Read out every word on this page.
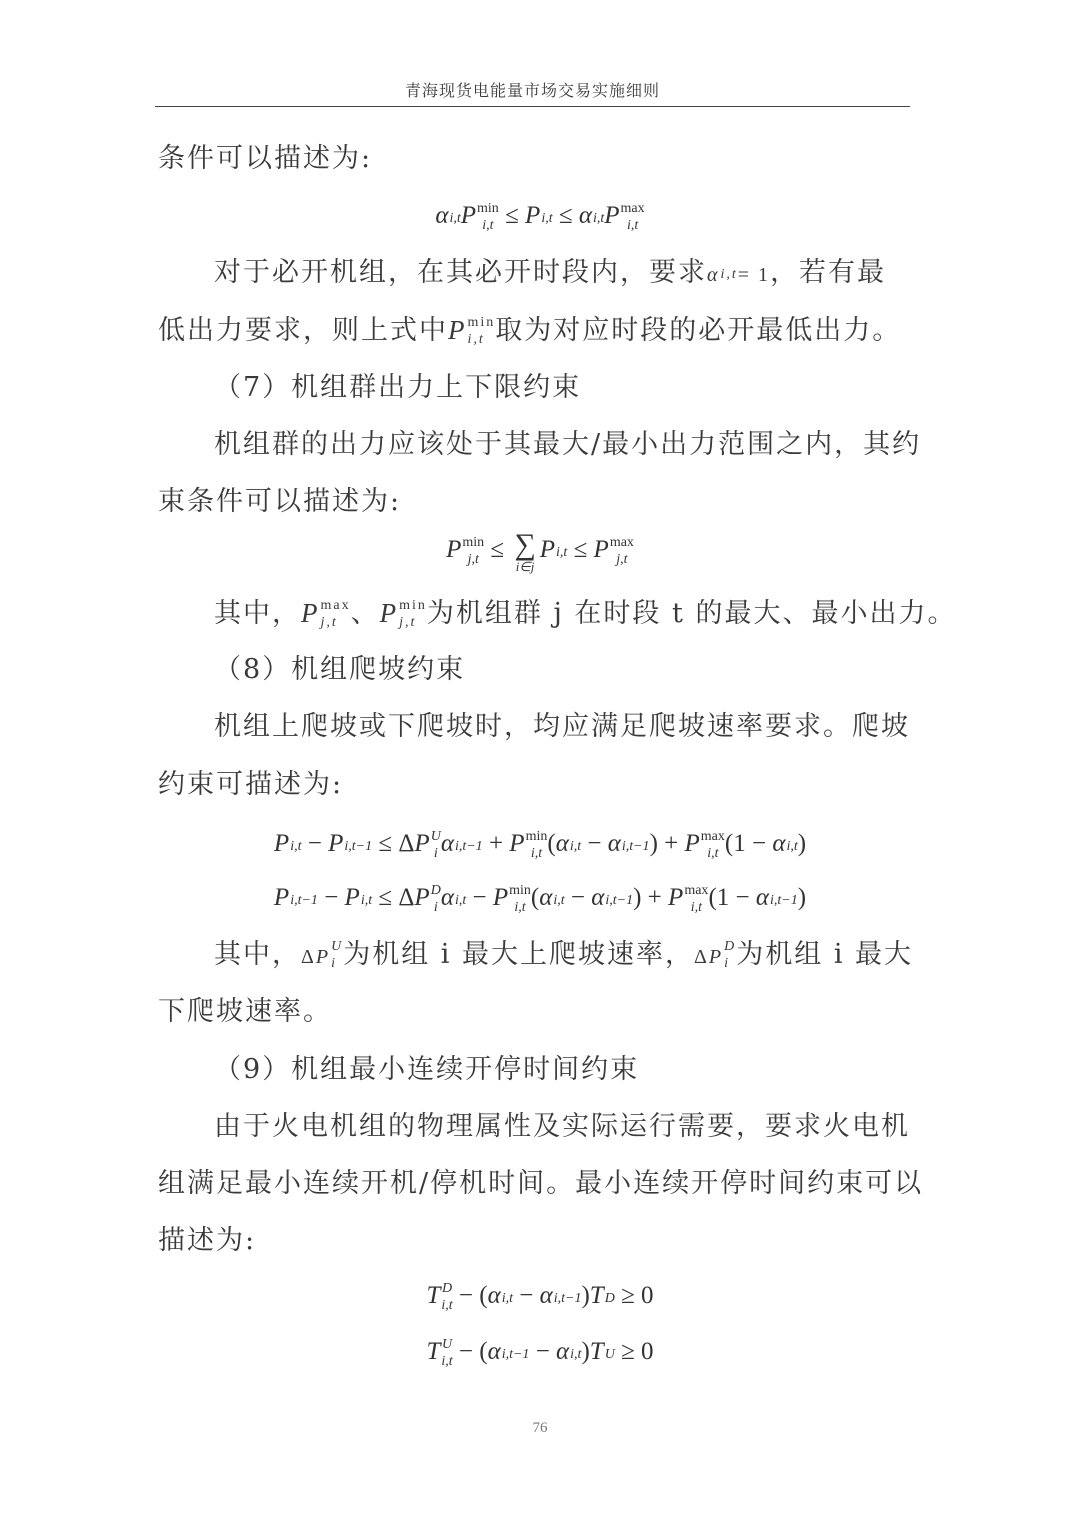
青海现货电能量市场交易实施细则
条件可以描述为:
α i,t P min
i,t ≤ P i,t ≤ α i,t P max
i,t
对于必开机组，在其必开时段内，要求α i,t = 1，若有最
低出力要求，则上式中P min
i,t 取为对应时段的必开最低出力。
（7）机组群出力上下限约束
机组群的出力应该处于其最大/最小出力范围之内，其约
束条件可以描述为:
P min
j,t ≤ ∑
i∈j
P i,t ≤ P max
j,t
其中，P max
j,t 、P min
j,t 为机组群 j 在时段 t 的最大、最小出力。
（8）机组爬坡约束
机组上爬坡或下爬坡时，均应满足爬坡速率要求。爬坡
约束可描述为:
P i,t − P i,t−1 ≤ ΔP U
i α i,t−1 + P min
i,t (α i,t − α i,t−1 ) + P max
i,t (1 − α i,t )
P i,t−1 − P i,t ≤ ΔP D
i α i,t − P min
i,t (α i,t − α i,t−1 ) + P max
i,t (1 − α i,t−1 )
其中，ΔP U
i 为机组 i 最大上爬坡速率，ΔP D
i 为机组 i 最大
下爬坡速率。
（9）机组最小连续开停时间约束
由于火电机组的物理属性及实际运行需要，要求火电机
组满足最小连续开机/停机时间。最小连续开停时间约束可以
描述为:
T D
i,t − (α i,t − α i,t−1 )T D ≥ 0
T U
i,t − (α i,t−1 − α i,t )T U ≥ 0
76
